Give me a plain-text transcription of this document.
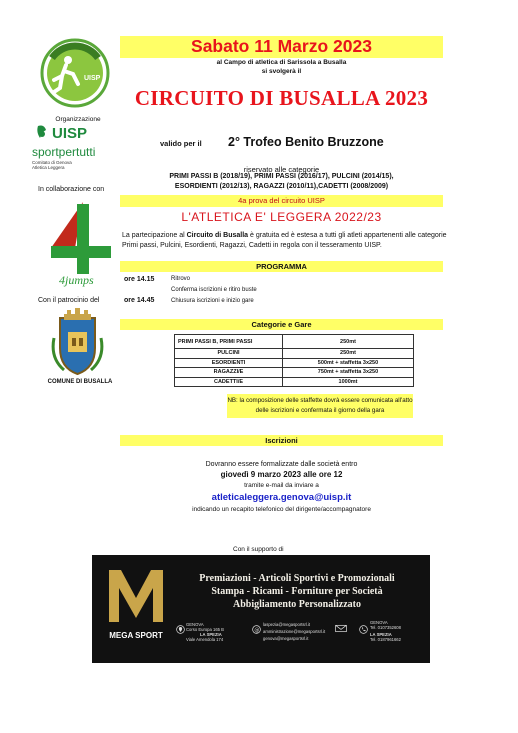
UISP
Organizzazione
UISP
sportpertutti
Comitato di Genova
Atletica Leggera
In collaborazione con
4jumps
Con il patrocinio del
COMUNE DI BUSALLA
Sabato 11 Marzo 2023
al Campo di atletica di Sarissola a Busalla
si svolgerà il
CIRCUITO DI BUSALLA 2023
valido per il 2° Trofeo Benito Bruzzone
riservato alle categorie
PRIMI PASSI B (2018/19), PRIMI PASSI (2016/17), PULCINI (2014/15),
ESORDIENTI (2012/13), RAGAZZI (2010/11),CADETTI (2008/2009)
4a prova del circuito UISP
L'ATLETICA E' LEGGERA 2022/23
La partecipazione al Circuito di Busalla è gratuita ed è estesa a tutti gli atleti appartenenti alle categorie Primi passi, Pulcini, Esordienti, Ragazzi, Cadetti in regola con il tesseramento UISP.
PROGRAMMA
ore 14.15	Ritrovo
Conferma iscrizioni e ritiro buste
ore 14.45	Chiusura iscrizioni e inizio gare
Categorie e Gare
PRIMI PASSI B, PRIMI PASSI	250mt
PULCINI	250mt
ESORDIENTI	500mt + staffetta 3x250
RAGAZZI/E	750mt + staffetta 3x250
CADETTI/E	1000mt
NB: la composizione delle staffette dovrà essere comunicata all'atto
delle iscrizioni e confermata il giorno della gara
Iscrizioni
Dovranno essere formalizzate dalle società entro
giovedì 9 marzo 2023 alle ore 12
tramite e-mail da inviare a
atleticaleggera.genova@uisp.it
indicando un recapito telefonico del dirigente/accompagnatore
Con il supporto di
MEGA SPORT
Premiazioni - Articoli Sportivi e Promozionali
Stampa - Ricami - Forniture per Società
Abbigliamento Personalizzato
GENOVA
Corso Europa 165 B
LA SPEZIA
Viale Amendola 174
@
laspezia@megasportsrl.it
amministrazione@megasportsrl.it
genova@megasportsrl.it
GENOVA
Tel. 0107352608
LA SPEZIA
Tel. 0187961662
